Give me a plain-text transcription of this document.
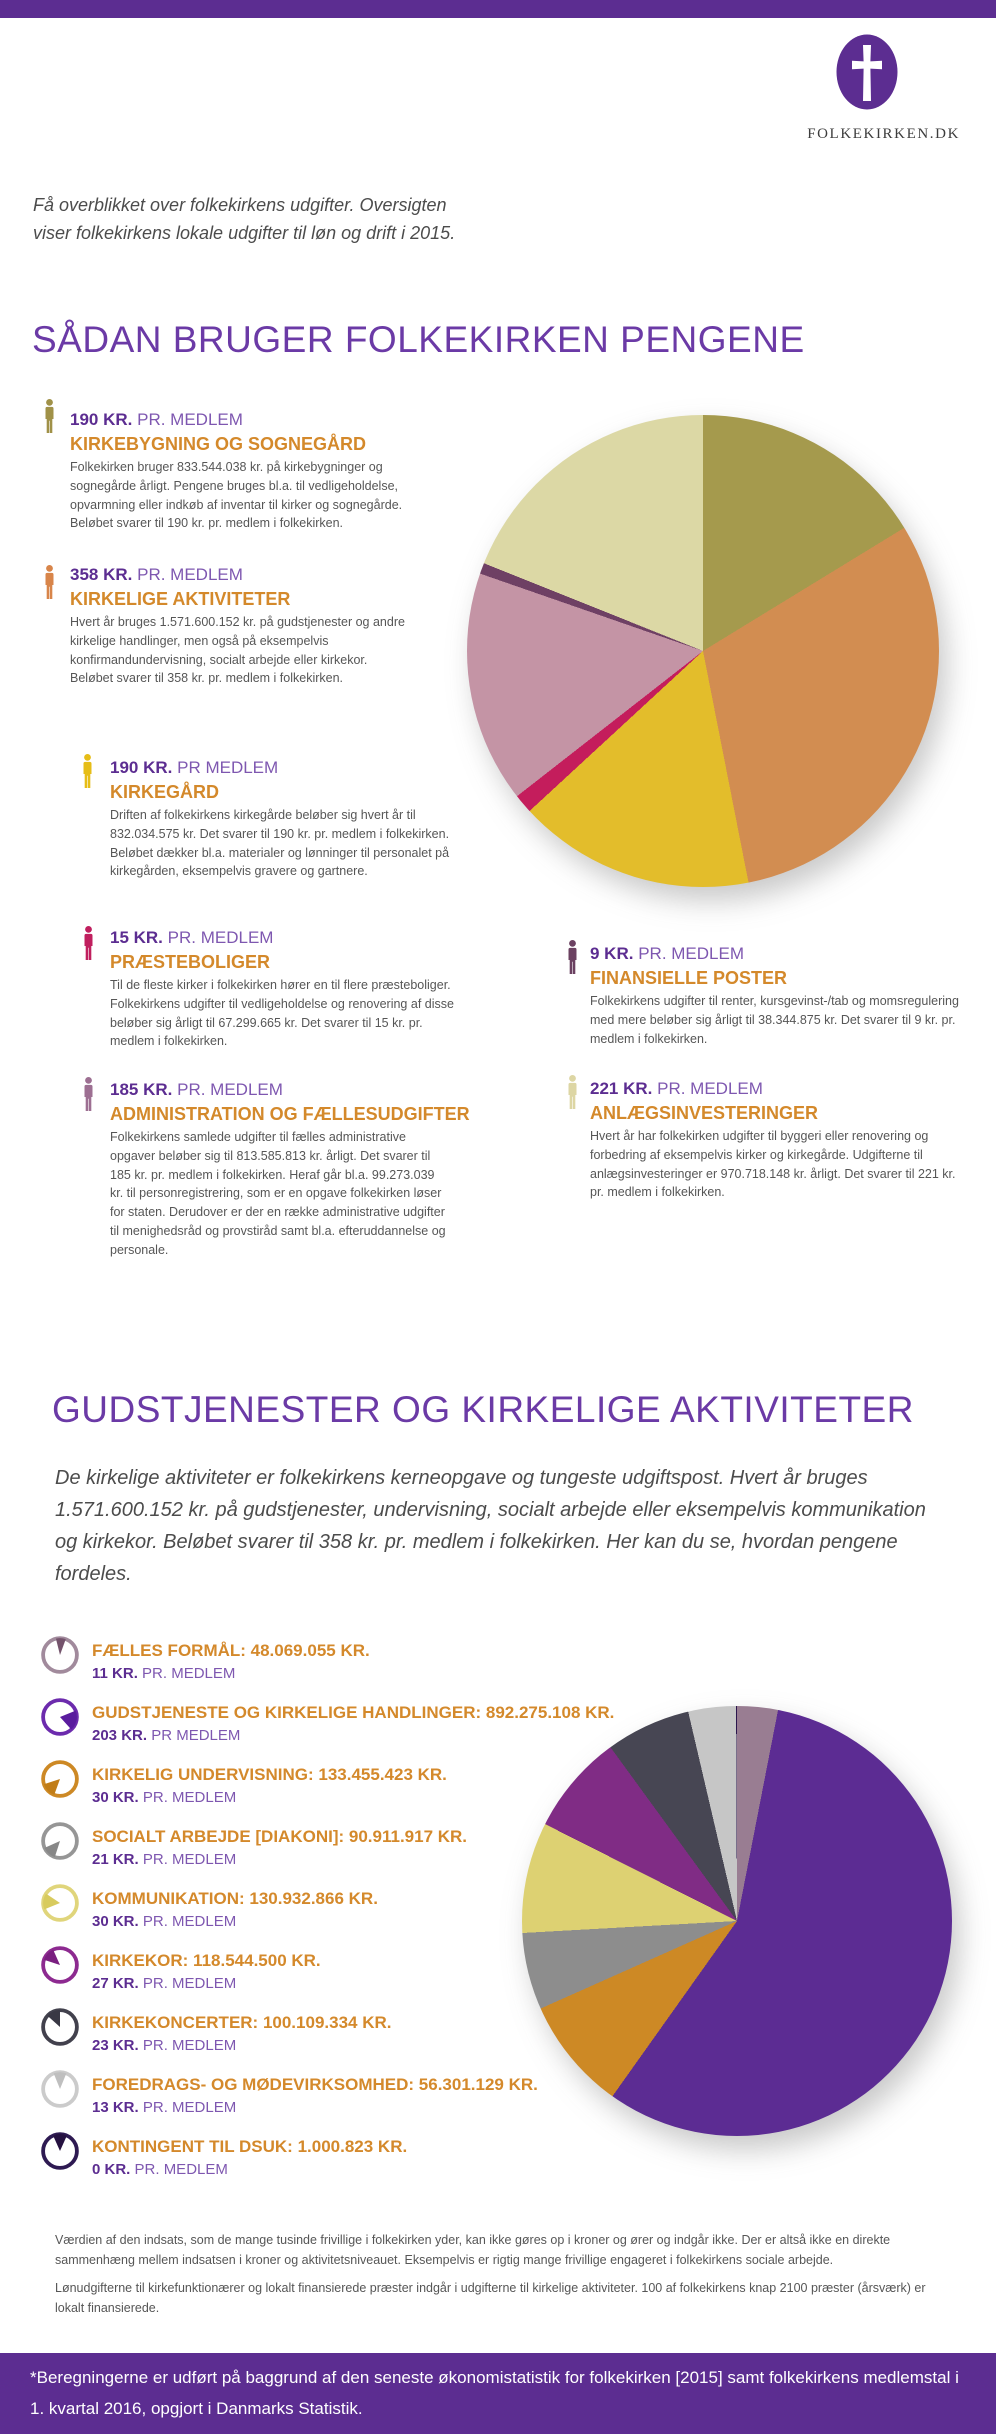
FOLKEKIRKEN.DK
Få overblikket over folkekirkens udgifter. Oversigten viser folkekirkens lokale udgifter til løn og drift i 2015.
SÅDAN BRUGER FOLKEKIRKEN PENGENE
190 KR. PR. MEDLEM
KIRKEBYGNING OG SOGNEGÅRD
Folkekirken bruger 833.544.038 kr. på kirkebygninger og sognegårde årligt. Pengene bruges bl.a. til vedligeholdelse, opvarmning eller indkøb af inventar til kirker og sognegårde. Beløbet svarer til 190 kr. pr. medlem i folkekirken.
358 KR. PR. MEDLEM
KIRKELIGE AKTIVITETER
Hvert år bruges 1.571.600.152 kr. på gudstjenester og andre kirkelige handlinger, men også på eksempelvis konfirmandundervisning, socialt arbejde eller kirkekor. Beløbet svarer til 358 kr. pr. medlem i folkekirken.
190 KR. PR MEDLEM
KIRKEGÅRD
Driften af folkekirkens kirkegårde beløber sig hvert år til 832.034.575 kr. Det svarer til 190 kr. pr. medlem i folkekirken. Beløbet dækker bl.a. materialer og lønninger til personalet på kirkegården, eksempelvis gravere og gartnere.
15 KR. PR. MEDLEM
PRÆSTEBOLIGER
Til de fleste kirker i folkekirken hører en til flere præsteboliger. Folkekirkens udgifter til vedligeholdelse og renovering af disse beløber sig årligt til 67.299.665 kr. Det svarer til 15 kr. pr. medlem i folkekirken.
185 KR. PR. MEDLEM
ADMINISTRATION OG FÆLLESUDGIFTER
Folkekirkens samlede udgifter til fælles administrative opgaver beløber sig til 813.585.813 kr. årligt. Det svarer til 185 kr. pr. medlem i folkekirken. Heraf går bl.a. 99.273.039 kr. til personregistrering, som er en opgave folkekirken løser for staten. Derudover er der en række administrative udgifter til menighedsråd og provstiråd samt bl.a. efteruddannelse og personale.
9 KR. PR. MEDLEM
FINANSIELLE POSTER
Folkekirkens udgifter til renter, kursgevinst-/tab og momsregulering med mere beløber sig årligt til 38.344.875 kr. Det svarer til 9 kr. pr. medlem i folkekirken.
221 KR. PR. MEDLEM
ANLÆGSINVESTERINGER
Hvert år har folkekirken udgifter til byggeri eller renovering og forbedring af eksempelvis kirker og kirkegårde. Udgifterne til anlægsinvesteringer er 970.718.148 kr. årligt. Det svarer til 221 kr. pr. medlem i folkekirken.
GUDSTJENESTER OG KIRKELIGE AKTIVITETER
De kirkelige aktiviteter er folkekirkens kerneopgave og tungeste udgiftspost. Hvert år bruges 1.571.600.152 kr. på gudstjenester, undervisning, socialt arbejde eller eksempelvis kommunikation og kirkekor. Beløbet svarer til 358 kr. pr. medlem i folkekirken. Her kan du se, hvordan pengene fordeles.
FÆLLES FORMÅL: 48.069.055 KR.
11 KR. PR. MEDLEM
GUDSTJENESTE OG KIRKELIGE HANDLINGER: 892.275.108 KR.
203 KR. PR MEDLEM
KIRKELIG UNDERVISNING: 133.455.423 KR.
30 KR. PR. MEDLEM
SOCIALT ARBEJDE [DIAKONI]: 90.911.917 KR.
21 KR. PR. MEDLEM
KOMMUNIKATION: 130.932.866 KR.
30 KR. PR. MEDLEM
KIRKEKOR: 118.544.500 KR.
27 KR. PR. MEDLEM
KIRKEKONCERTER: 100.109.334 KR.
23 KR. PR. MEDLEM
FOREDRAGS- OG MØDEVIRKSOMHED: 56.301.129 KR.
13 KR. PR. MEDLEM
KONTINGENT TIL DSUK: 1.000.823 KR.
0 KR. PR. MEDLEM
Værdien af den indsats, som de mange tusinde frivillige i folkekirken yder, kan ikke gøres op i kroner og ører og indgår ikke. Der er altså ikke en direkte sammenhæng mellem indsatsen i kroner og aktivitetsniveauet. Eksempelvis er rigtig mange frivillige engageret i folkekirkens sociale arbejde.
Lønudgifterne til kirkefunktionærer og lokalt finansierede præster indgår i udgifterne til kirkelige aktiviteter. 100 af folkekirkens knap 2100 præster (årsværk) er lokalt finansierede.
*Beregningerne er udført på baggrund af den seneste økonomistatistik for folkekirken [2015] samt folkekirkens medlemstal i 1. kvartal 2016, opgjort i Danmarks Statistik.
